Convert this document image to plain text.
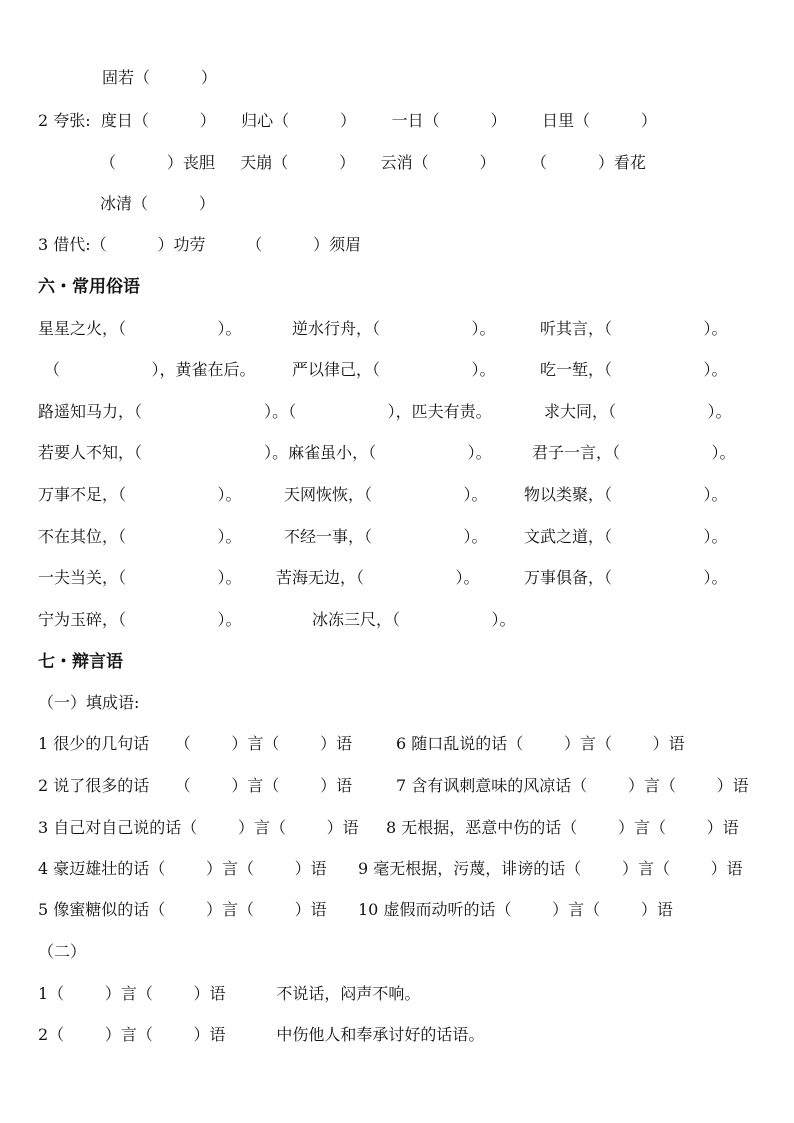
固若（          ）
2 夸张:  度日（          ）     归心（          ）       一日（          ）       日里（          ）
（          ）丧胆     天崩（          ）     云消（          ）       （          ）看花
冰清（          ）
3 借代:（          ）功劳        （          ）须眉
六・常用俗语
星星之火，（                  ）。	逆水行舟，（                  ）。	听其言，（                  ）。
（                  ），黄雀在后。 严以律己，（                  ）。	吃一堑，（                  ）。
路遥知马力，（                        ）。（                  ），匹夫有责。	求大同，（                  ）。
若要人不知，（                        ）。麻雀虽小，（                  ）。	君子一言，（                  ）。
万事不足，（                  ）。	天网恢恢，（                  ）。 物以类聚，（                  ）。
不在其位，（                  ）。	不经一事，（                  ）。 文武之道，（                  ）。
一夫当关，（                  ）。 苦海无边，（                  ）。	万事俱备，（                  ）。
宁为玉碎，（                  ）。	冰冻三尺，（                  ）。
七・辩言语
（一）填成语:
1 很少的几句话     （        ）言（        ）语	6 随口乱说的话（        ）言（        ）语
2 说了很多的话     （        ）言（        ）语	7 含有讽刺意味的风凉话（        ）言（        ）语
3 自己对自己说的话（        ）言（        ）语 8 无根据，恶意中伤的话（        ）言（        ）语
4 豪迈雄壮的话（        ）言（        ）语 9 毫无根据，污蔑，诽谤的话（        ）言（        ）语
5 像蜜糖似的话（        ）言（        ）语 10 虚假而动听的话（        ）言（        ）语
（二）
1（        ）言（        ）语          不说话，闷声不响。
2（        ）言（        ）语          中伤他人和奉承讨好的话语。
